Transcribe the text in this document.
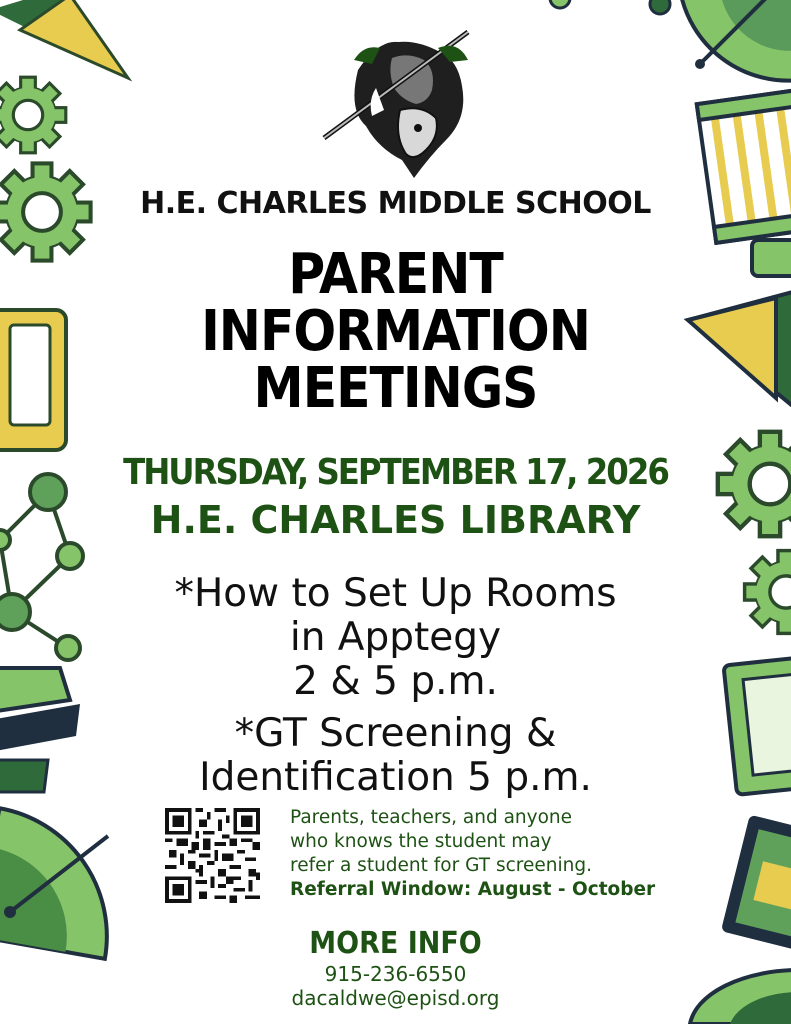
H.E. CHARLES MIDDLE SCHOOL
PARENT
INFORMATION
MEETINGS
THURSDAY, SEPTEMBER 17, 2026
H.E. CHARLES LIBRARY
*How to Set Up Rooms
in Apptegy
2 & 5 p.m.
*GT Screening &
Identification 5 p.m.
Parents, teachers, and anyone
who knows the student may
refer a student for GT screening.
Referral Window: August - October
MORE INFO
915-236-6550
dacaldwe@episd.org
